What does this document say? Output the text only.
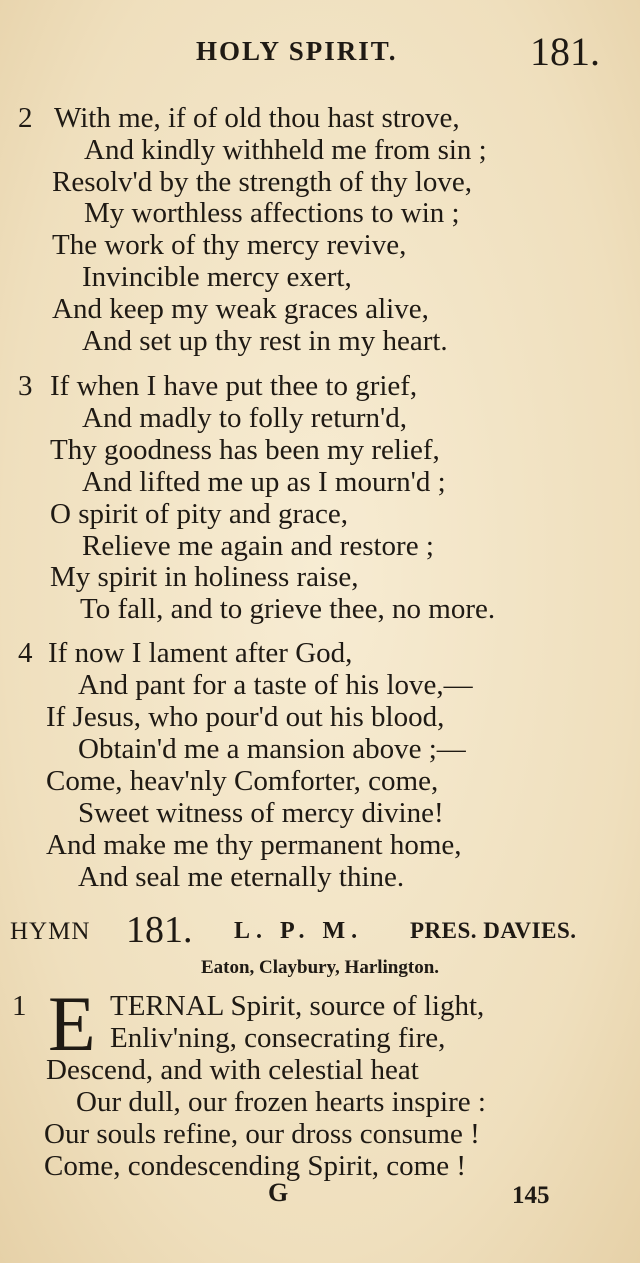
HOLY SPIRIT.	181.
2 With me, if of old thou hast strove,
And kindly withheld me from sin ;
Resolv'd by the strength of thy love,
My worthless affections to win ;
The work of thy mercy revive,
Invincible mercy exert,
And keep my weak graces alive,
And set up thy rest in my heart.
3 If when I have put thee to grief,
And madly to folly return'd,
Thy goodness has been my relief,
And lifted me up as I mourn'd ;
O spirit of pity and grace,
Relieve me again and restore ;
My spirit in holiness raise,
To fall, and to grieve thee, no more.
4 If now I lament after God,
And pant for a taste of his love,—
If Jesus, who pour'd out his blood,
Obtain'd me a mansion above ;—
Come, heav'nly Comforter, come,
Sweet witness of mercy divine!
And make me thy permanent home,
And seal me eternally thine.
HYMN 181. L. P. M. PRES. DAVIES.
Eaton, Claybury, Harlington.
1 E TERNAL Spirit, source of light,
Enliv'ning, consecrating fire,
Descend, and with celestial heat
Our dull, our frozen hearts inspire :
Our souls refine, our dross consume !
Come, condescending Spirit, come !
G	145
